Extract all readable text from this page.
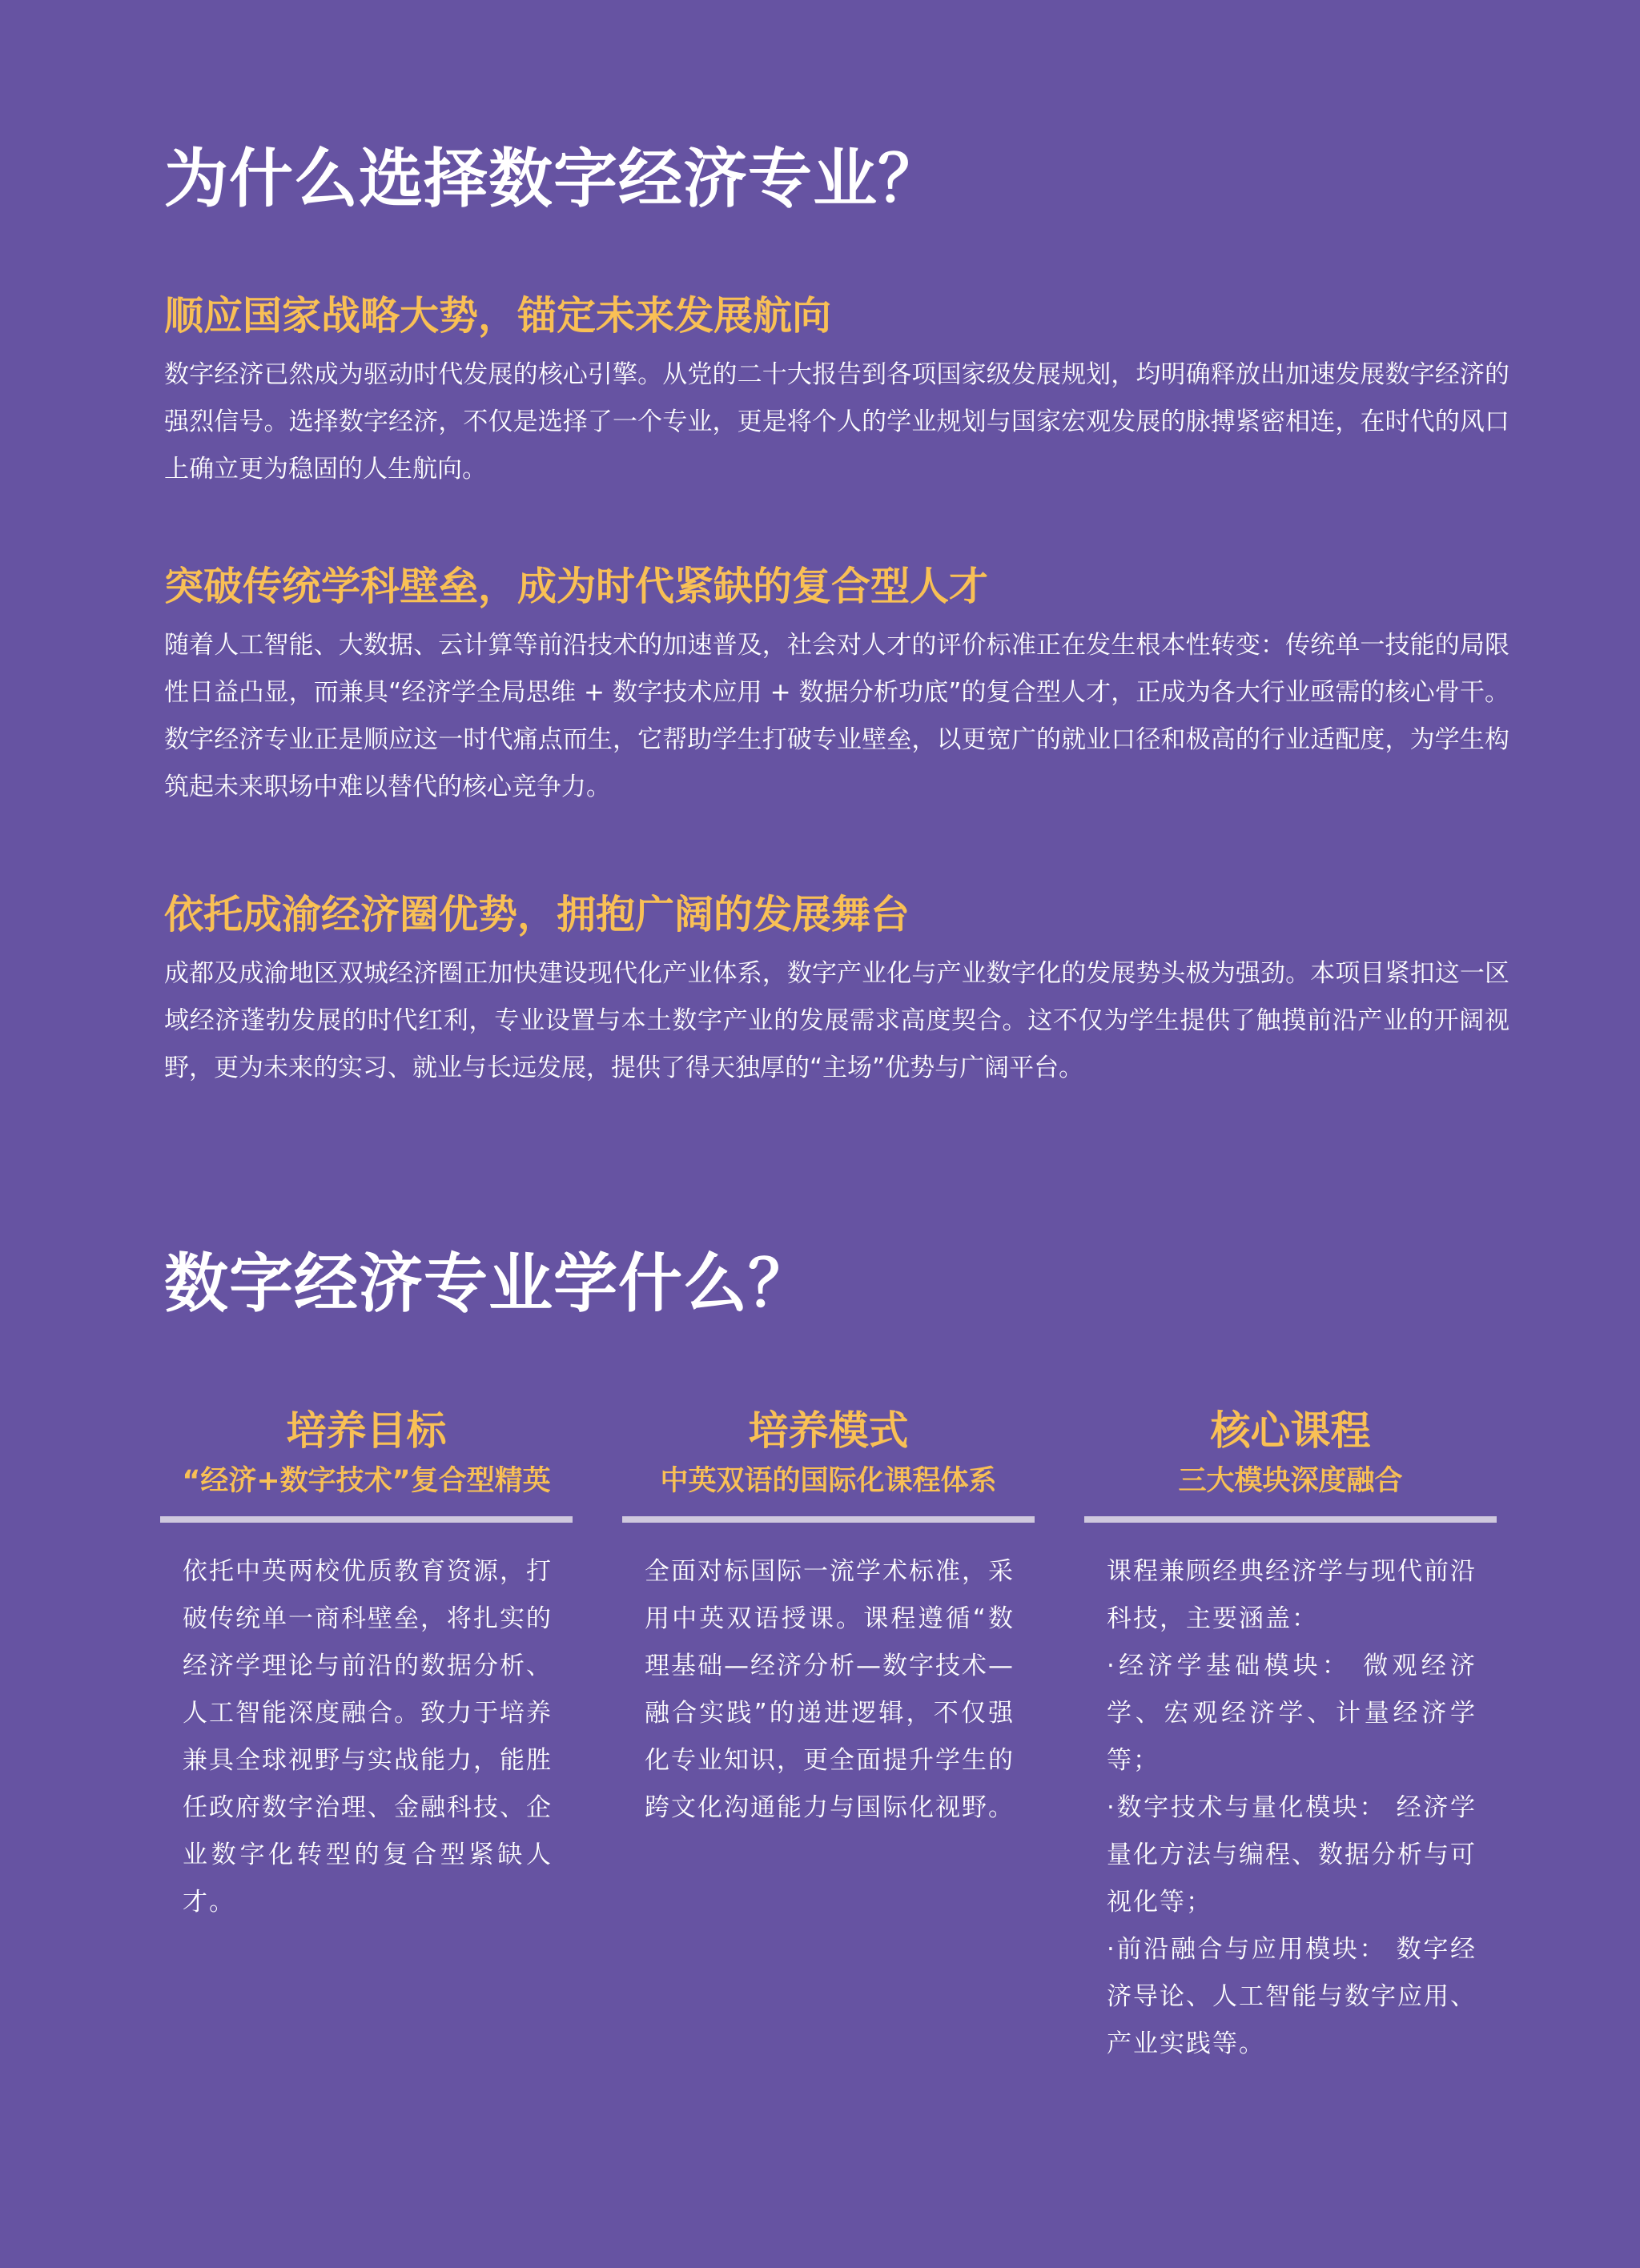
为什么选择数字经济专业？
顺应国家战略大势，锚定未来发展航向

数字经济已然成为驱动时代发展的核心引擎。从党的二十大报告到各项国家级发展规划，均明确释放出加速发展数字经济的强烈信号。选择数字经济，不仅是选择了一个专业，更是将个人的学业规划与国家宏观发展的脉搏紧密相连，在时代的风口上确立更为稳固的人生航向。

突破传统学科壁垒，成为时代紧缺的复合型人才

随着人工智能、大数据、云计算等前沿技术的加速普及，社会对人才的评价标准正在发生根本性转变：传统单一技能的局限性日益凸显，而兼具“经济学全局思维 + 数字技术应用 + 数据分析功底”的复合型人才，正成为各大行业亟需的核心骨干。数字经济专业正是顺应这一时代痛点而生，它帮助学生打破专业壁垒，以更宽广的就业口径和极高的行业适配度，为学生构筑起未来职场中难以替代的核心竞争力。

依托成渝经济圈优势，拥抱广阔的发展舞台

成都及成渝地区双城经济圈正加快建设现代化产业体系，数字产业化与产业数字化的发展势头极为强劲。本项目紧扣这一区域经济蓬勃发展的时代红利，专业设置与本土数字产业的发展需求高度契合。这不仅为学生提供了触摸前沿产业的开阔视野，更为未来的实习、就业与长远发展，提供了得天独厚的“主场”优势与广阔平台。

数字经济专业学什么？
培养目标
“经济+数字技术”复合型精英
依托中英两校优质教育资源，打破传统单一商科壁垒，将扎实的经济学理论与前沿的数据分析、人工智能深度融合。致力于培养兼具全球视野与实战能力，能胜任政府数字治理、金融科技、企业数字化转型的复合型紧缺人才。
培养模式
中英双语的国际化课程体系
全面对标国际一流学术标准，采用中英双语授课。课程遵循“数理基础—经济分析—数字技术—融合实践”的递进逻辑，不仅强化专业知识，更全面提升学生的跨文化沟通能力与国际化视野。
核心课程
三大模块深度融合
课程兼顾经典经济学与现代前沿科技，主要涵盖：
·经济学基础模块： 微观经济学、宏观经济学、计量经济学等；
·数字技术与量化模块： 经济学量化方法与编程、数据分析与可视化等；
·前沿融合与应用模块： 数字经济导论、人工智能与数字应用、产业实践等。
